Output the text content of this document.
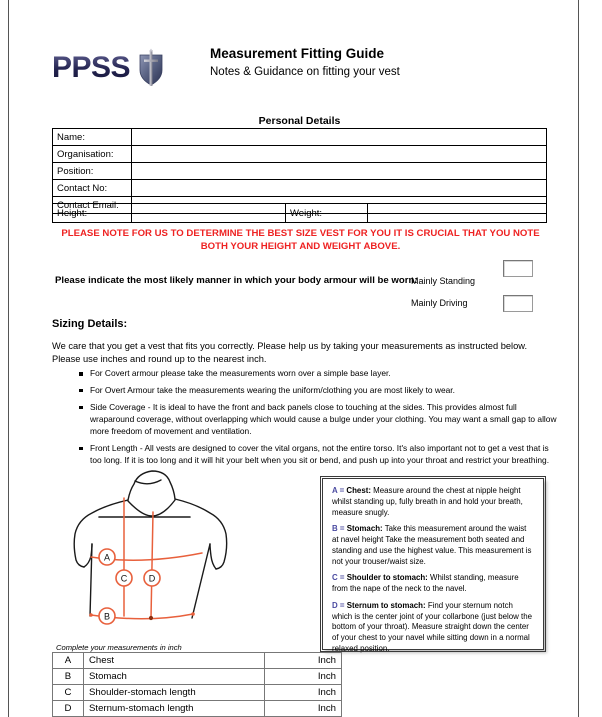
PPSS	Measurement Fitting Guide

Notes & Guidance on fitting your vest

Personal Details
Name:	
Organisation:	
Position:	
Contact No:	
Contact Email:	
Height:		Weight:	
PLEASE NOTE FOR US TO DETERMINE THE BEST SIZE VEST FOR YOU IT IS CRUCIAL THAT YOU NOTE
BOTH YOUR HEIGHT AND WEIGHT ABOVE.
Please indicate the most likely manner in which your body armour will be worn:
Mainly Standing
Mainly Driving
Sizing Details:
We care that you get a vest that fits you correctly. Please help us by taking your measurements as instructed below.
Please use inches and round up to the nearest inch.
For Covert armour please take the measurements worn over a simple base layer.
For Overt Armour take the measurements wearing the uniform/clothing you are most likely to wear.
Side Coverage - It is ideal to have the front and back panels close to touching at the sides. This provides almost full wraparound coverage, without overlapping which would cause a bulge under your clothing. You may want a small gap to allow more freedom of movement and ventilation.
Front Length - All vests are designed to cover the vital organs, not the entire torso. It's also important not to get a vest that is too long. If it is too long and it will hit your belt when you sit or bend, and push up into your throat and restrict your breathing.
A
B
C D

A = Chest: Measure around the chest at nipple height whilst standing up, fully breath in and hold your breath, measure snugly.

B = Stomach: Take this measurement around the waist at navel height Take the measurement both seated and standing and use the highest value. This measurement is not your trouser/waist size.

C = Shoulder to stomach: Whilst standing, measure from the nape of the neck to the navel.

D = Sternum to stomach: Find your sternum notch which is the center joint of your collarbone (just below the bottom of your throat). Measure straight down the center of your chest to your navel while sitting down in a normal relaxed position.

Complete your measurements in inch
A	Chest	Inch
B	Stomach	Inch
C	Shoulder-stomach length	Inch
D	Sternum-stomach length	Inch
